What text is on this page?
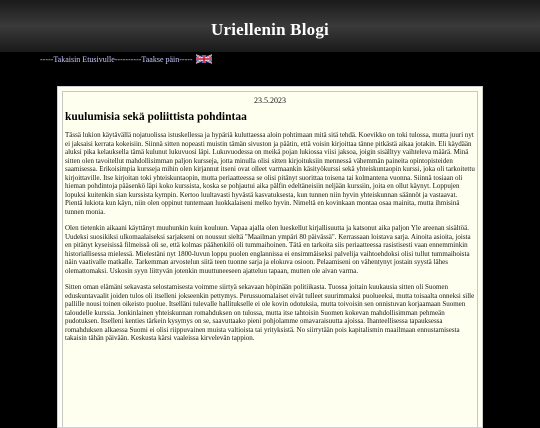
Uriellenin Blogi
-----Takaisin Etusivulle----- -----Taakse päin-----
23.5.2023
kuulumisia sekä poliittista pohdintaa

Tässä lukion käytävällä nojatuolissa istuskellessa ja hypäriä kuluttaessa aloin pohtimaan mitä sitä tehdä. Koevikko on toki tulossa, mutta juuri nyt ei jaksaisi kerrata kokeisiin. Siinnä sitten nopeasti muistin tämän sivuston ja päätin, että voisin kirjoittaa tänne pitkästä aikaa jotakin. Eli käydään aluksi pika kelauksella tämä kulunut lukuvuosi läpi. Lukuvuodessa on meikä pojan lukiossa viisi jaksoa, joigin sisälltyy vaihteleva määrä. Minä sitten olen tavoitellut mahdollisimman paljon kursseja, jotta minulla olisi sitten kirjoituksiin mennessä vähemmän paineita opintopisteiden saamisessa. Erikoisimpia kursseja mihin olen kirjannut itseni ovat olleet varmaankin käsityökurssi sekä yhteiskuntaopin kurssi, joka oli tarkoitettu kirjoittaville. Itse kirjoitan toki yhteiskuntaopin, mutta periaatteessa se olisi pitänyt suorittaa toisena tai kolmantena vuonna. Siinnä tosiaan oli hieman pohdintoja pääsenkö läpi koko kurssista, koska se pohjautui aika pälfin edeltäneisiin neljään kurssiin, joita en ollut käynyt. Loppujen lopuksi kuitenkin sian kurssista kympin. Kertoo luultavasti hyvästä kasvatuksesta, kun tunnen niin hyvin yhteiskunnan säännöt ja vastaavat. Pientä lukiota kun käyn, niin olen oppinut tuntemaan luokkalaiseni melko hyvin. Nimeltä en kovinkaan montaa osaa mainita, mutta ihmisinä tunnen monia.

Olen tietenkin aikaani käyttänyt muuhunkin kuin kouluun. Vapaa ajalla olen lueskellut kirjallisuutta ja katsonut aika paljon Yle areenan sisältöä. Uudeksi suosikiksi ulkomaalaiseksi sarjakseni on noussut sieltä "Maailman ympäri 80 päivässä". Kerrassaan loistava sarja. Ainoita asioita, joista en pitänyt kyseisissä filmeissä oli se, että kolmas päähenkilö oli tummaihoinen. Tätä en tarkoita siis periaatteessa rasistisesti vaan ennemminkin historiallisessa mielessä. Mielestäni nyt 1800-luvun loppu puolen englannissa ei ensimmäiseksi palvelija vaihtoehdoksi olisi tullut tummaihoista näin vaativalle matkalle. Tarkemman arvostelun siitä teen tuonne sarja ja elokuva osioon. Pelaamiseni on vähentynyt jostain syystä lähes olemattomaksi. Uskosin syyn liittyvän jotenkin muuttuneeseen ajatteluu tapaan, mutten ole aivan varma.

Sitten oman elämäni sekavasta selostamisesta voimme siirtyä sekavaan höpinään politiikasta. Tuossa joitain kuukausia sitten oli Suomen eduskuntavaalit joiden tulos oli itselleni jokseenkin pettymys. Perussuomalaiset eivät tulleet suurimmaksi puolueeksi, mutta toisaalta onneksi sille pallille nousi toinen oikeisto puolue. Itselläni tulevalle hallitukselle ei ole kovin odotuksia, mutta toivoisin sen onnistuvan korjaamaan Suomen taloudelle kurssia. Jonkinlainen yhteiskunnan romahduksen on tulossa, mutta itse tahtoisin Suomen kokevan mahdollisimman pehmeän pudotuksen. Itselleni kenties tärkein kysymys on se, saavuttaako pieni pohjolamme omavaraisuutta ajoissa. Ihanteellisessa tapauksessa romahduksen alkaessa Suomi ei olisi riippuvainen muista valtioista tai yrityksistä. No siirrytään pois kapitalismin maailmaan ennustamisesta takaisin tähän päivään. Keskusta kärsi vaaleissa kirvelevän tappion.
